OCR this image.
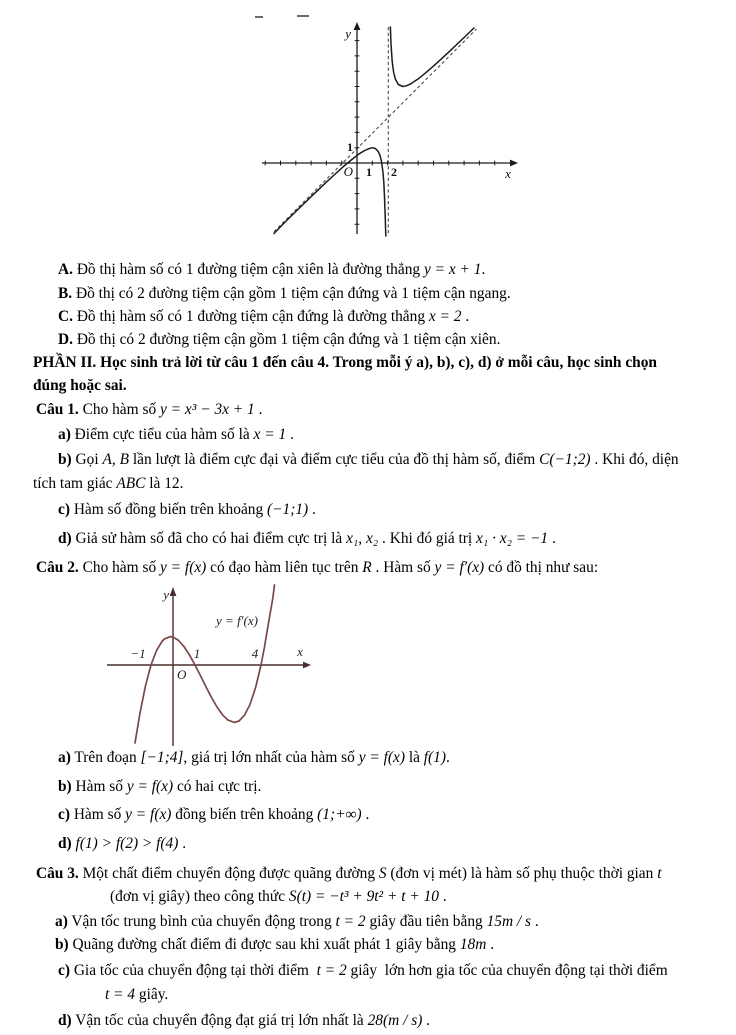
y
x
O 1 2
1
y = f′(x)
y
x
O
−1	1	4
A. Đồ thị hàm số có 1 đường tiệm cận xiên là đường thẳng y = x + 1.
B. Đồ thị có 2 đường tiệm cận gồm 1 tiệm cận đứng và 1 tiệm cận ngang.
C. Đồ thị hàm số có 1 đường tiệm cận đứng là đường thẳng x = 2 .
D. Đồ thị có 2 đường tiệm cận gồm 1 tiệm cận đứng và 1 tiệm cận xiên.
PHẦN II. Học sinh trả lời từ câu 1 đến câu 4. Trong mỗi ý a), b), c), d) ở mỗi câu, học sinh chọn
đúng hoặc sai.
Câu 1. Cho hàm số y = x³ − 3x + 1 .
a) Điểm cực tiểu của hàm số là x = 1 .
b) Gọi A, B lần lượt là điểm cực đại và điểm cực tiểu của đồ thị hàm số, điểm C(−1;2) . Khi đó, diện
tích tam giác ABC là 12.
c) Hàm số đồng biến trên khoảng (−1;1) .
d) Giả sử hàm số đã cho có hai điểm cực trị là x₁, x₂ . Khi đó giá trị x₁ · x₂ = −1 .
Câu 2. Cho hàm số y = f(x) có đạo hàm liên tục trên R . Hàm số y = f′(x) có đồ thị như sau:
a) Trên đoạn [−1;4], giá trị lớn nhất của hàm số y = f(x) là f(1).
b) Hàm số y = f(x) có hai cực trị.
c) Hàm số y = f(x) đồng biến trên khoảng (1;+∞) .
d) f(1) > f(2) > f(4) .
Câu 3. Một chất điểm chuyển động được quãng đường S (đơn vị mét) là hàm số phụ thuộc thời gian t
(đơn vị giây) theo công thức S(t) = −t³ + 9t² + t + 10 .
a) Vận tốc trung bình của chuyển động trong t = 2 giây đầu tiên bằng 15m / s .
b) Quãng đường chất điểm đi được sau khi xuất phát 1 giây bằng 18m .
c) Gia tốc của chuyển động tại thời điểm  t = 2 giây  lớn hơn gia tốc của chuyển động tại thời điểm
t = 4 giây.
d) Vận tốc của chuyển động đạt giá trị lớn nhất là 28(m / s) .
